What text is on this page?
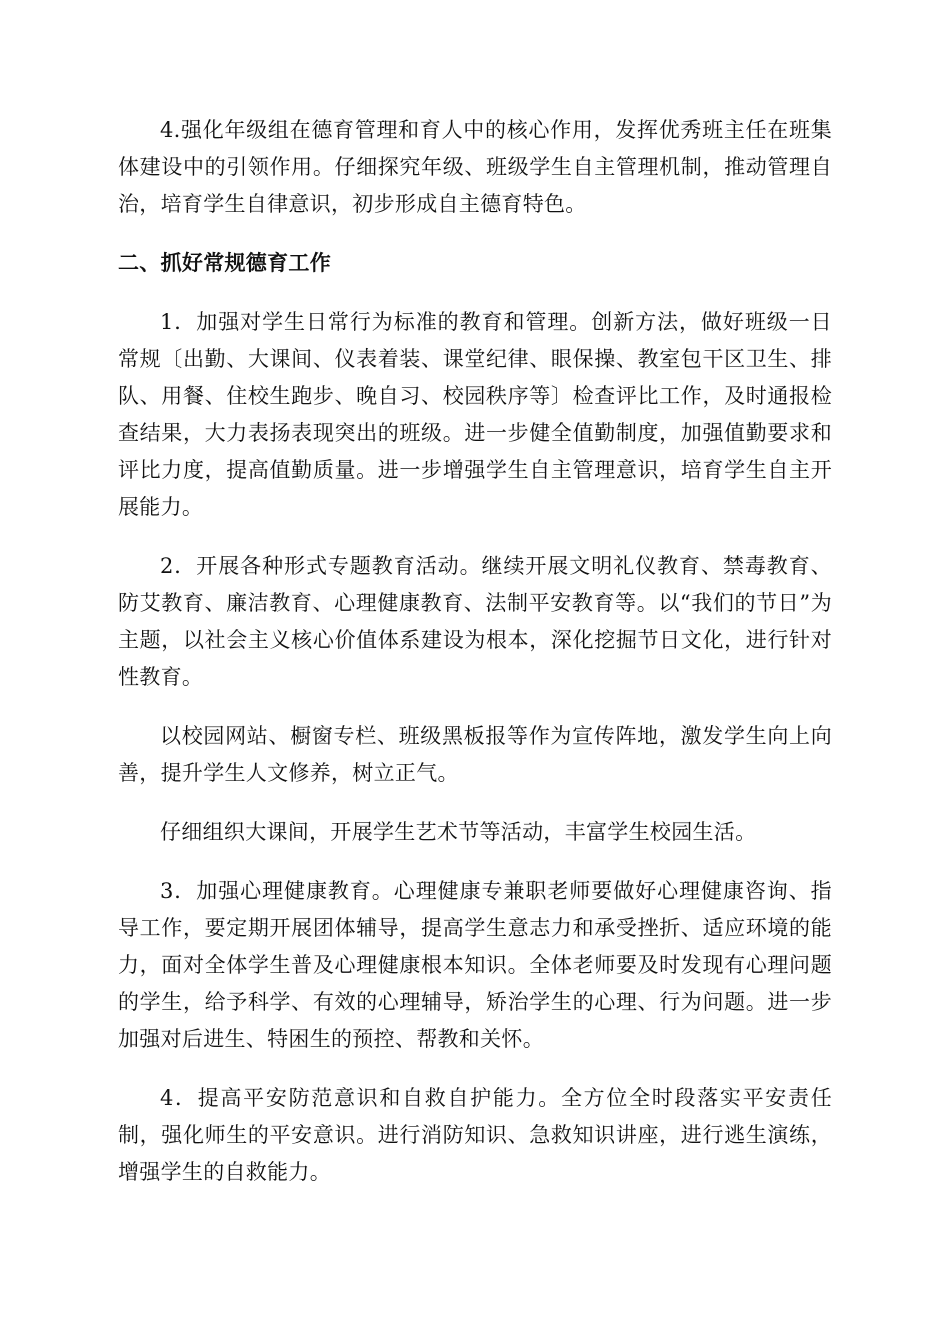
4.强化年级组在德育管理和育人中的核心作用，发挥优秀班主任在班集体建设中的引领作用。仔细探究年级、班级学生自主管理机制，推动管理自治，培育学生自律意识，初步形成自主德育特色。

二、抓好常规德育工作

1．加强对学生日常行为标准的教育和管理。创新方法，做好班级一日常规〔出勤、大课间、仪表着装、课堂纪律、眼保操、教室包干区卫生、排队、用餐、住校生跑步、晚自习、校园秩序等〕检查评比工作，及时通报检查结果，大力表扬表现突出的班级。进一步健全值勤制度，加强值勤要求和评比力度，提高值勤质量。进一步增强学生自主管理意识，培育学生自主开展能力。

2．开展各种形式专题教育活动。继续开展文明礼仪教育、禁毒教育、防艾教育、廉洁教育、心理健康教育、法制平安教育等。以“我们的节日”为主题，以社会主义核心价值体系建设为根本，深化挖掘节日文化，进行针对性教育。

以校园网站、橱窗专栏、班级黑板报等作为宣传阵地，激发学生向上向善，提升学生人文修养，树立正气。

仔细组织大课间，开展学生艺术节等活动，丰富学生校园生活。

3．加强心理健康教育。心理健康专兼职老师要做好心理健康咨询、指导工作，要定期开展团体辅导，提高学生意志力和承受挫折、适应环境的能力，面对全体学生普及心理健康根本知识。全体老师要及时发现有心理问题的学生，给予科学、有效的心理辅导，矫治学生的心理、行为问题。进一步加强对后进生、特困生的预控、帮教和关怀。

4．提高平安防范意识和自救自护能力。全方位全时段落实平安责任制，强化师生的平安意识。进行消防知识、急救知识讲座，进行逃生演练，增强学生的自救能力。
